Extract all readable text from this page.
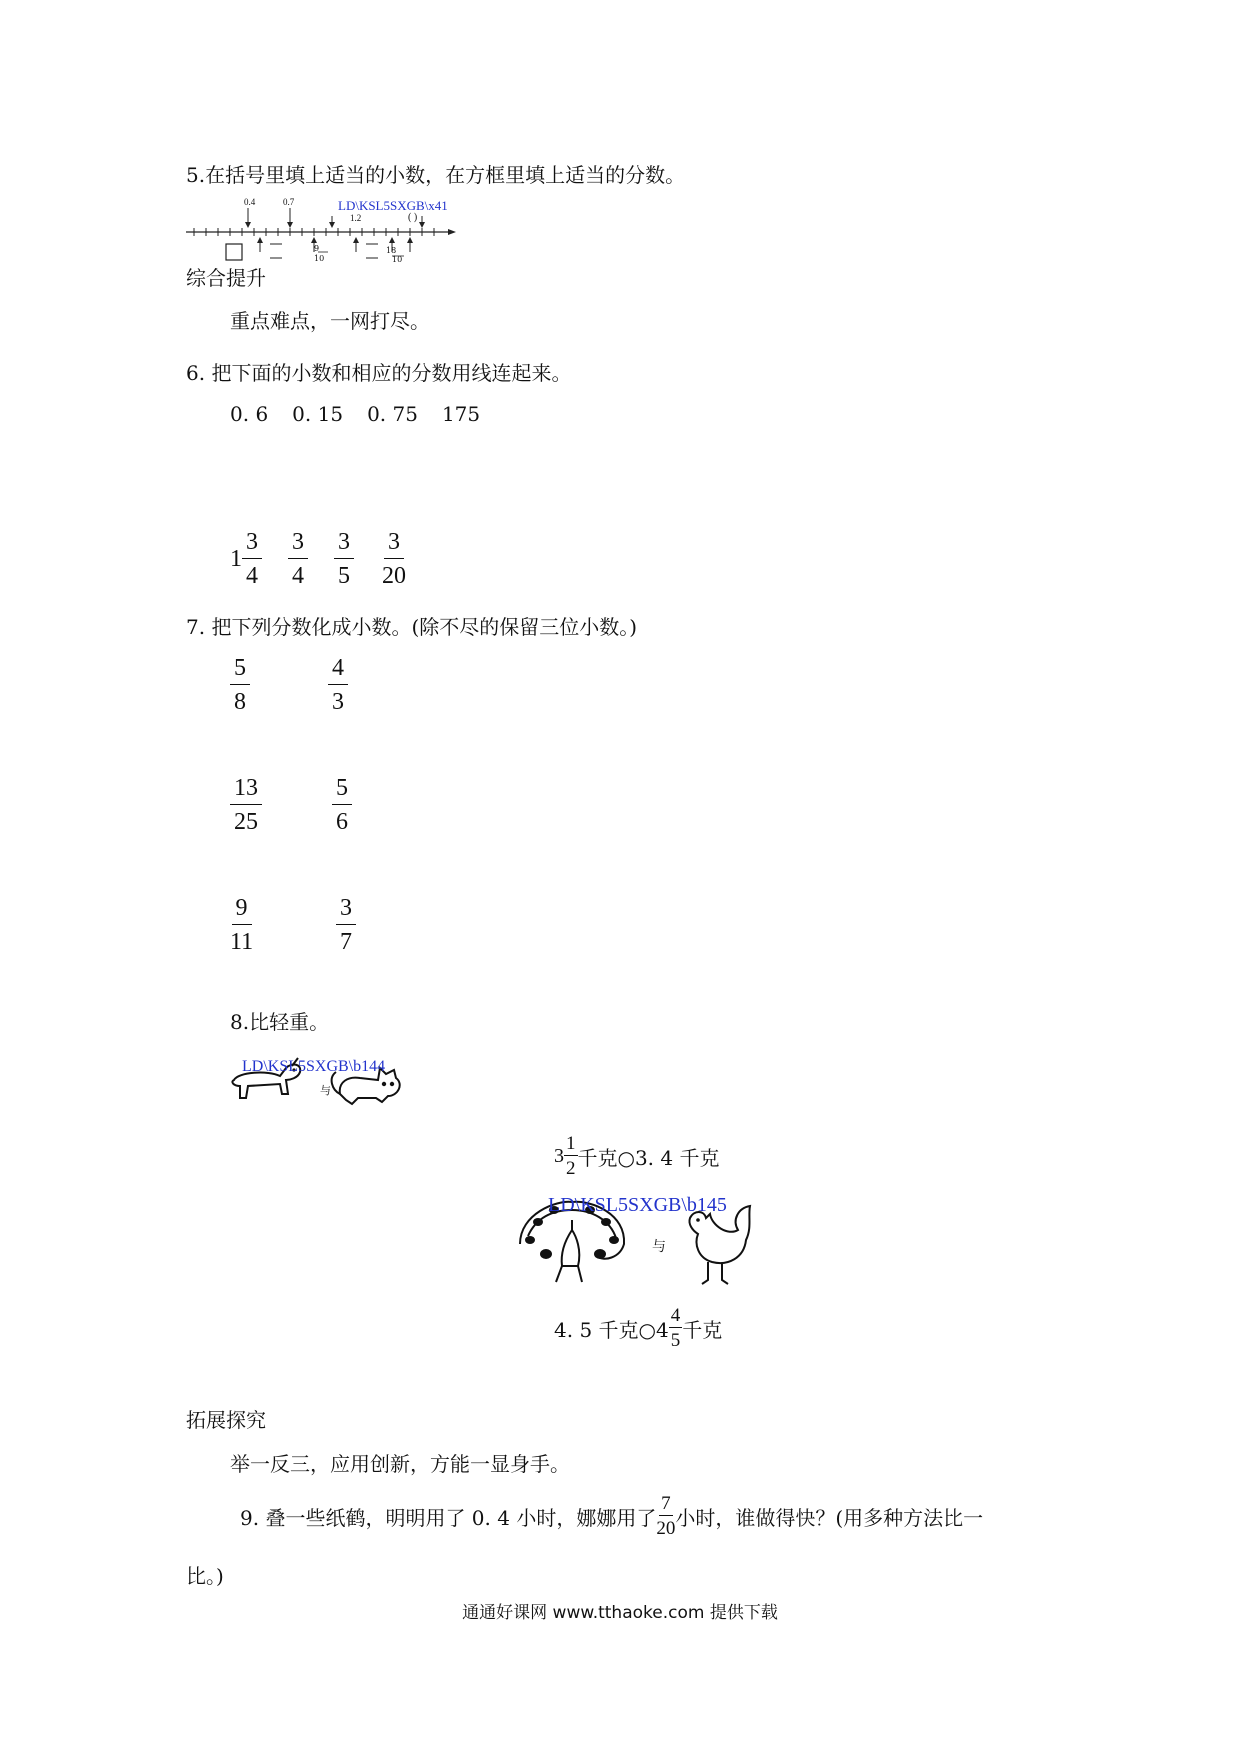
5.在括号里填上适当的小数，在方框里填上适当的分数。
0.4	0.7	LD\KSL5SXGB\x41
1.2	( )
9
10
18
10
综合提升
重点难点，一网打尽。
6. 把下面的小数和相应的分数用线连起来。
0. 6 0. 15 0. 75 175
$1 \frac{3}{4} \frac{3}{4} \frac{3}{5} \frac{3}{20}$
7. 把下列分数化成小数。(除不尽的保留三位小数。)
$\frac{5}{8}$	$\frac{4}{3}$
$\frac{13}{25}$	$\frac{5}{6}$
$\frac{9}{11}$	$\frac{3}{7}$
8.比轻重。
LD\KSL5SXGB\b144
与
$3 \frac{1}{2}$ 千克○3. 4 千克
LD\KSL5SXGB\b145
与
4. 5 千克○4 $\frac{4}{5}$ 千克
拓展探究
举一反三，应用创新，方能一显身手。
9. 叠一些纸鹤，明明用了 0. 4 小时，娜娜用了 $\frac{7}{20}$ 小时，谁做得快？(用多种方法比一
比。)
通通好课网 www.tthaoke.com 提供下载
